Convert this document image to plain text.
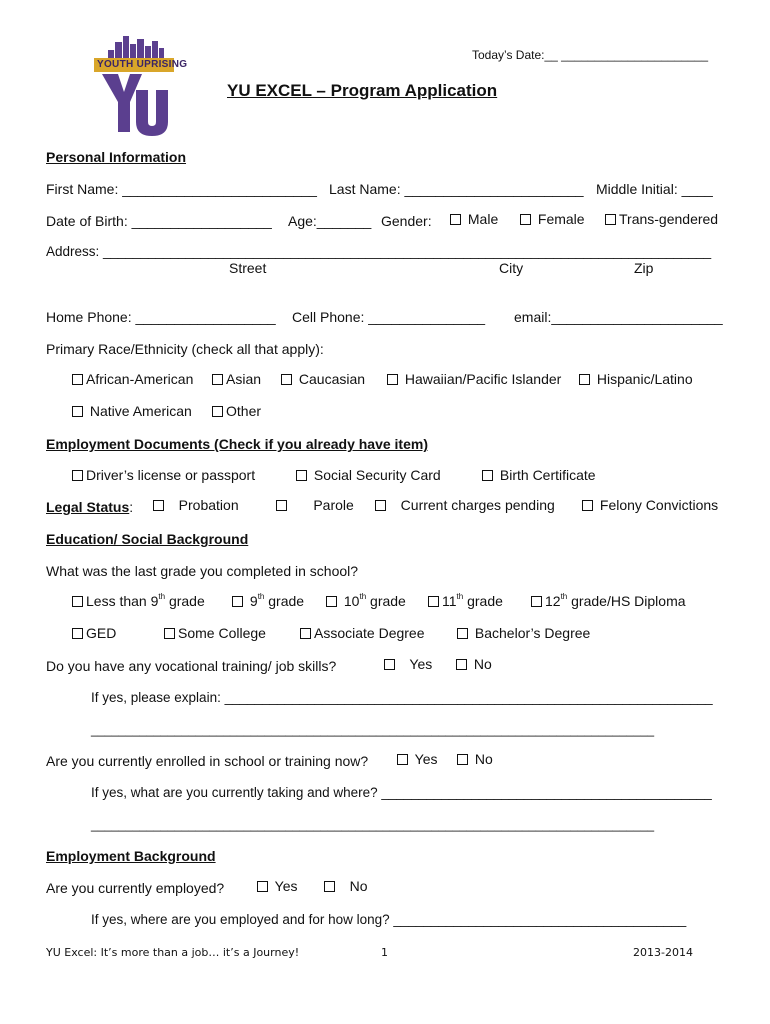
YOUTH UPRISING
Today’s Date:__ ______________________
YU EXCEL – Program Application
Personal Information
First Name: _________________________ Last Name: _______________________ Middle Initial: ____
Date of Birth: __________________ Age:_______ Gender:	Male	Female	Trans-gendered
Address: _________________________________________________________________________________
Street	City	Zip
Home Phone: __________________ Cell Phone: _______________ email:______________________
Primary Race/Ethnicity (check all that apply):
African-American	Asian	Caucasian	Hawaiian/Pacific Islander	Hispanic/Latino
Native American	Other
Employment Documents (Check if you already have item)
Driver’s license or passport	Social Security Card	Birth Certificate
Legal Status:	Probation	Parole	Current charges pending	Felony Convictions
Education/ Social Background
What was the last grade you completed in school?
Less than 9th grade	9th grade	10th grade	11th grade	12th grade/HS Diploma
GED	Some College	Associate Degree	Bachelor’s Degree
Do you have any vocational training/ job skills?	Yes	No
If yes, please explain: _________________________________________________________________
_________________________________________________________________________________
Are you currently enrolled in school or training now?	Yes	No
If yes, what are you currently taking and where? ____________________________________________
_________________________________________________________________________________
Employment Background
Are you currently employed?	Yes	No
If yes, where are you employed and for how long? _______________________________________
YU Excel: It’s more than a job… it’s a Journey!	1	2013-2014
